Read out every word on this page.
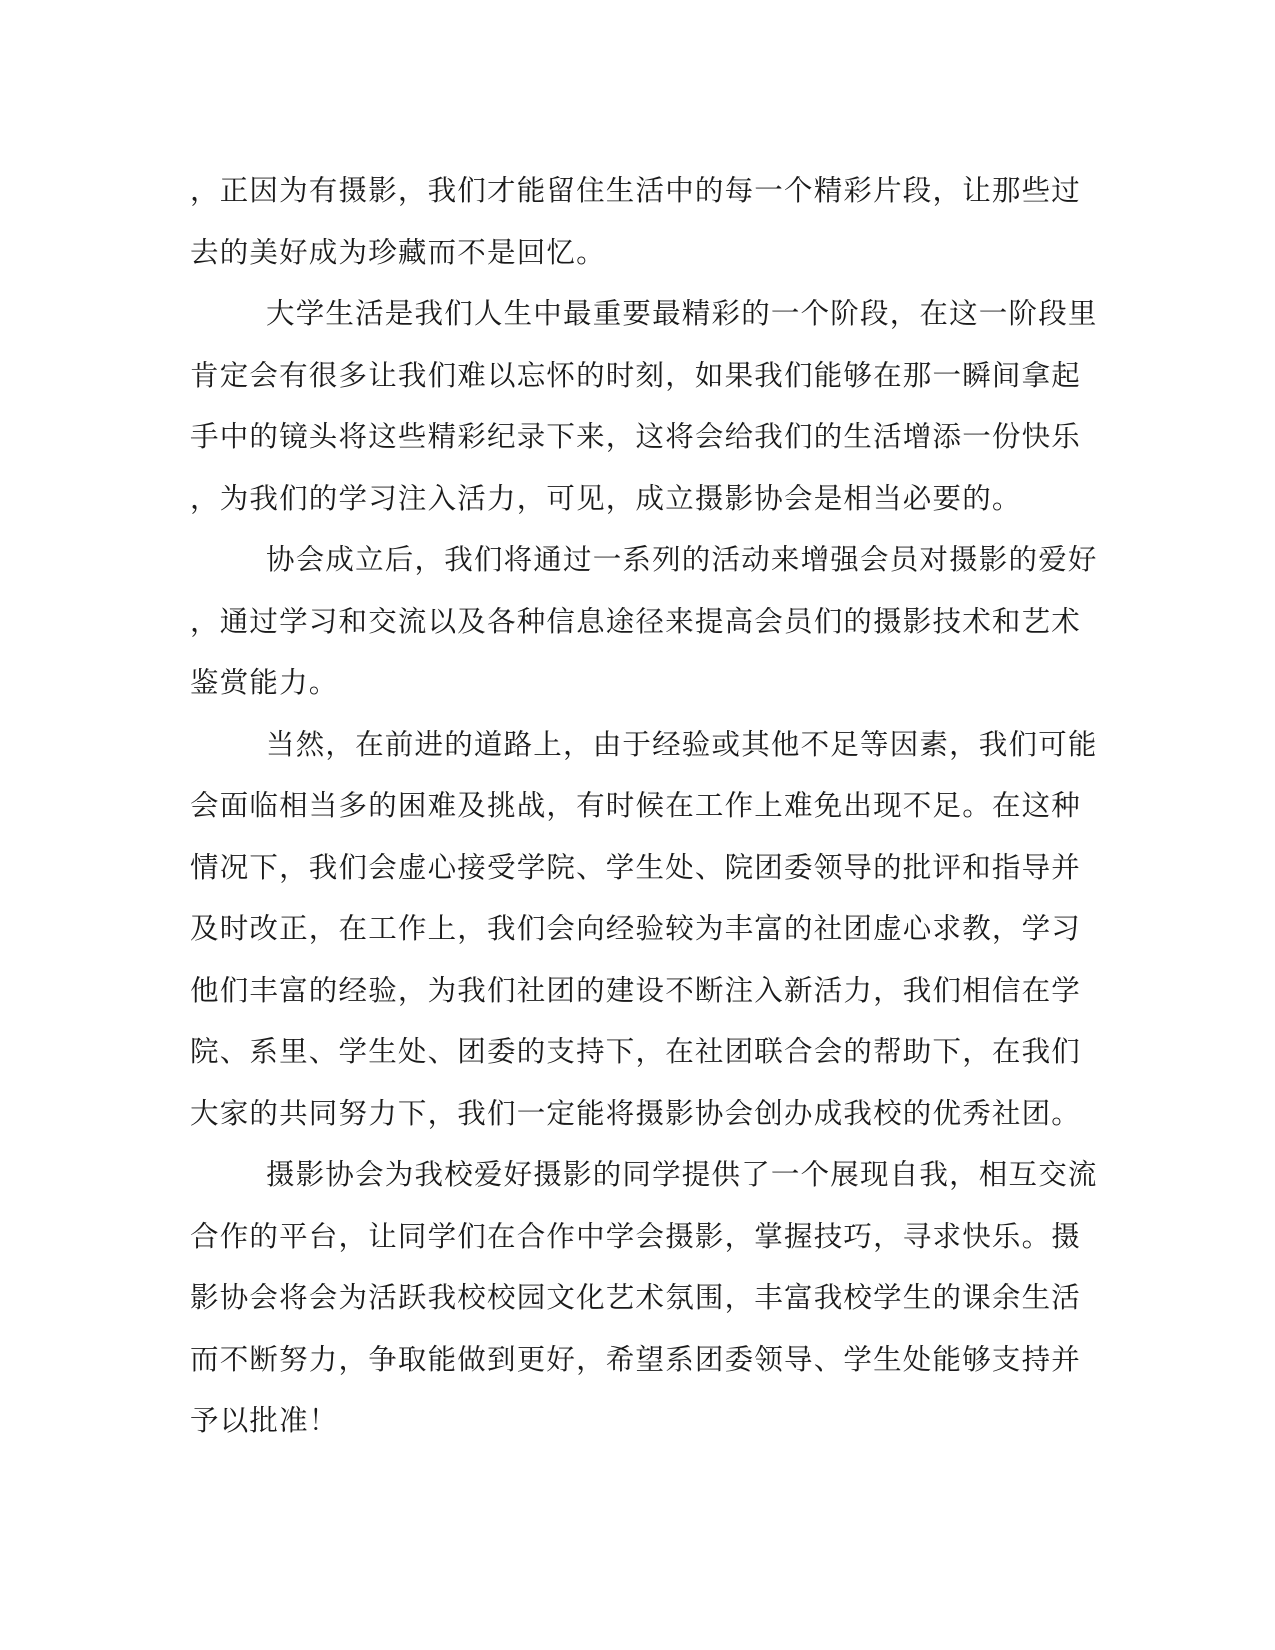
，正因为有摄影，我们才能留住生活中的每一个精彩片段，让那些过
去的美好成为珍藏而不是回忆。
大学生活是我们人生中最重要最精彩的一个阶段，在这一阶段里
肯定会有很多让我们难以忘怀的时刻，如果我们能够在那一瞬间拿起
手中的镜头将这些精彩纪录下来，这将会给我们的生活增添一份快乐
，为我们的学习注入活力，可见，成立摄影协会是相当必要的。
协会成立后，我们将通过一系列的活动来增强会员对摄影的爱好
，通过学习和交流以及各种信息途径来提高会员们的摄影技术和艺术
鉴赏能力。
当然，在前进的道路上，由于经验或其他不足等因素，我们可能
会面临相当多的困难及挑战，有时候在工作上难免出现不足。在这种
情况下，我们会虚心接受学院、学生处、院团委领导的批评和指导并
及时改正，在工作上，我们会向经验较为丰富的社团虚心求教，学习
他们丰富的经验，为我们社团的建设不断注入新活力，我们相信在学
院、系里、学生处、团委的支持下，在社团联合会的帮助下，在我们
大家的共同努力下，我们一定能将摄影协会创办成我校的优秀社团。
摄影协会为我校爱好摄影的同学提供了一个展现自我，相互交流
合作的平台，让同学们在合作中学会摄影，掌握技巧，寻求快乐。摄
影协会将会为活跃我校校园文化艺术氛围，丰富我校学生的课余生活
而不断努力，争取能做到更好，希望系团委领导、学生处能够支持并
予以批准！
